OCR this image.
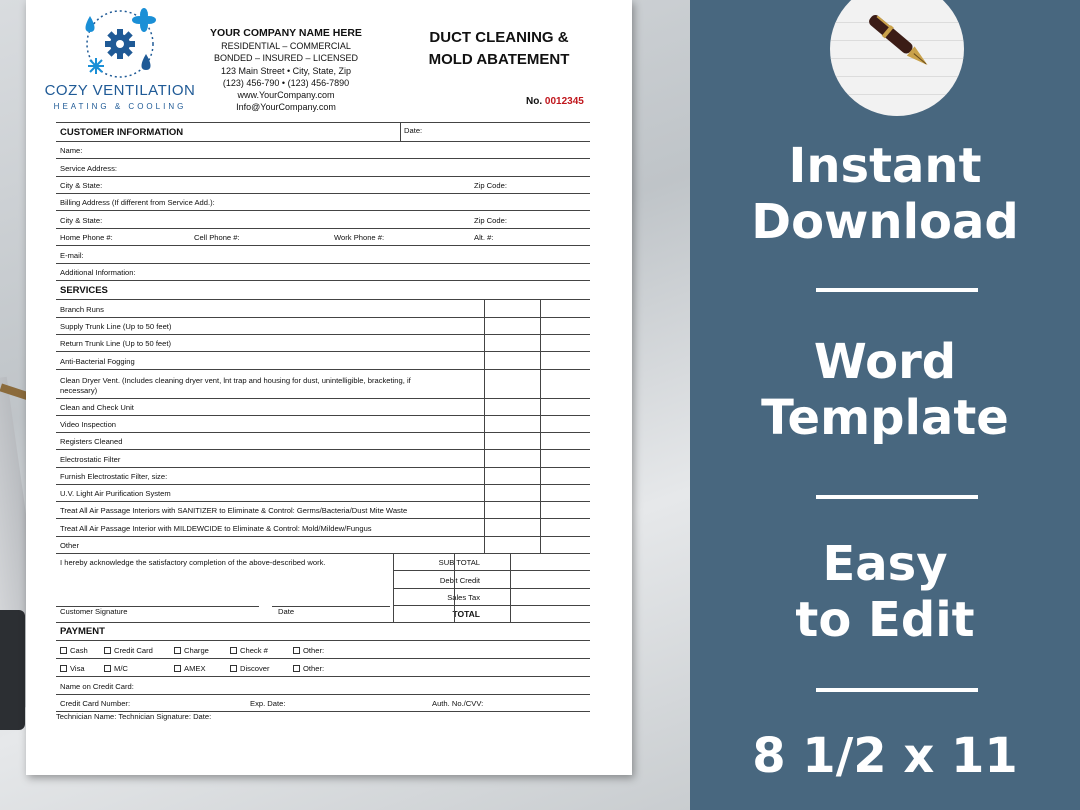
COZY VENTILATION
HEATING & COOLING
YOUR COMPANY NAME HERE
RESIDENTIAL – COMMERCIAL
BONDED – INSURED – LICENSED
123 Main Street • City, State, Zip
(123) 456-790 • (123) 456-7890
www.YourCompany.com
Info@YourCompany.com
DUCT CLEANING &
MOLD ABATEMENT
No. 0012345
CUSTOMER INFORMATION	Date:
Name:
Service Address:
City & State:	Zip Code:
Billing Address (If different from Service Add.):
City & State:	Zip Code:
Home Phone #:	Cell Phone #:	Work Phone #:	Alt. #:
E-mail:
Additional Information:
SERVICES
Branch Runs
Supply Trunk Line (Up to 50 feet)
Return Trunk Line (Up to 50 feet)
Anti-Bacterial Fogging
Clean Dryer Vent. (Includes cleaning dryer vent, lnt trap and housing for dust, unintelligible, bracketing, if
necessary)
Clean and Check Unit
Video Inspection
Registers Cleaned
Electrostatic Filter
Furnish Electrostatic Filter, size:
U.V. Light Air Purification System
Treat All Air Passage Interiors with SANITIZER to Eliminate & Control: Germs/Bacteria/Dust Mite Waste
Treat All Air Passage Interior with MILDEWCIDE to Eliminate & Control: Mold/Mildew/Fungus
Other
SUB TOTAL
Debit Credit
Sales Tax
TOTAL
I hereby acknowledge the satisfactory completion of the above-described work.
Customer Signature	Date
PAYMENT
Cash	Credit Card	Charge	Check #	Other:
Visa	M/C	AMEX	Discover	Other:
Name on Credit Card:
Credit Card Number:	Exp. Date:	Auth. No./CVV:
Technician Name: Technician Signature: Date:
Instant
Download
Word
Template
Easy
to Edit
8 1/2 x 11
